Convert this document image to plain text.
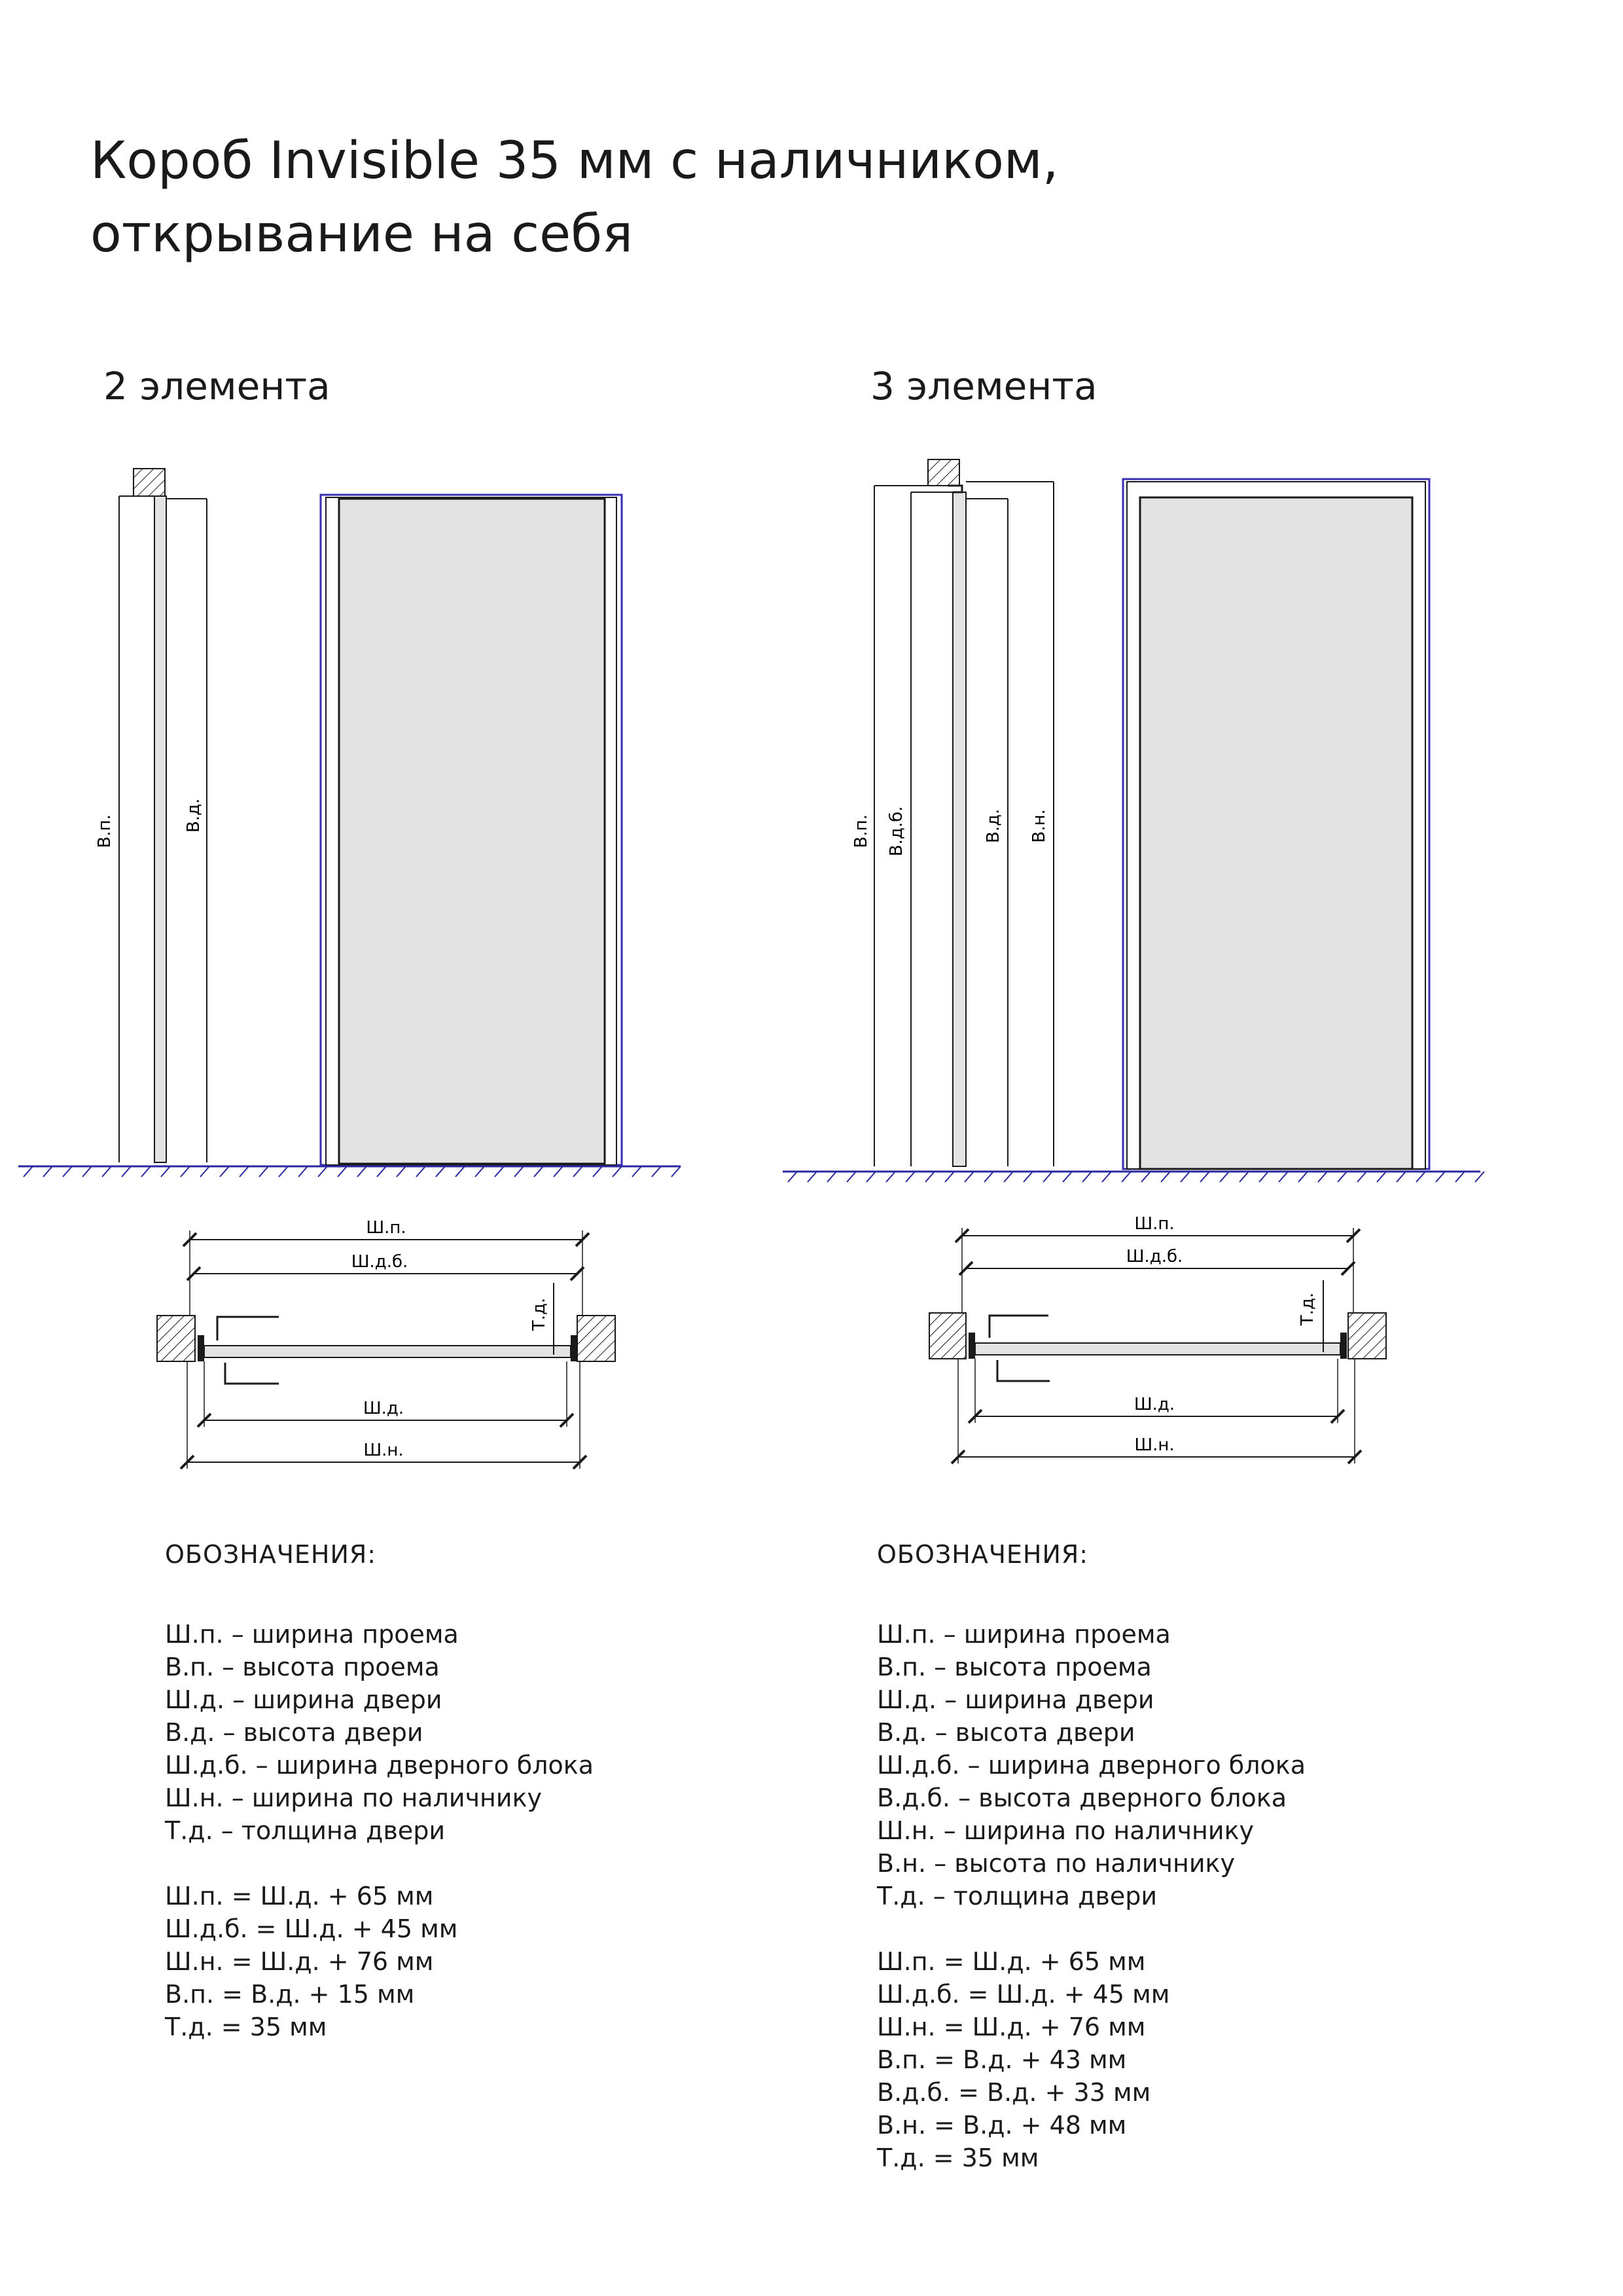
Короб Invisible 35 мм с наличником,
открывание на себя
2 элемента	3 элемента
В.п.	В.д.
Ш.п.
Ш.д.б.
Т.д.
Ш.д.
Ш.н.
В.п. В.д.б.	В.д. В.н.
Ш.п.
Ш.д.б.
Т.д.
Ш.д.
Ш.н.
ОБОЗНАЧЕНИЯ:
Ш.п. – ширина проема
В.п. – высота проема
Ш.д. – ширина двери
В.д. – высота двери
Ш.д.б. – ширина дверного блока
Ш.н. – ширина по наличнику
Т.д. – толщина двери
Ш.п. = Ш.д. + 65 мм
Ш.д.б. = Ш.д. + 45 мм
Ш.н. = Ш.д. + 76 мм
В.п. = В.д. + 15 мм
Т.д. = 35 мм
ОБОЗНАЧЕНИЯ:
Ш.п. – ширина проема
В.п. – высота проема
Ш.д. – ширина двери
В.д. – высота двери
Ш.д.б. – ширина дверного блока
В.д.б. – высота дверного блока
Ш.н. – ширина по наличнику
В.н. – высота по наличнику
Т.д. – толщина двери
Ш.п. = Ш.д. + 65 мм
Ш.д.б. = Ш.д. + 45 мм
Ш.н. = Ш.д. + 76 мм
В.п. = В.д. + 43 мм
В.д.б. = В.д. + 33 мм
В.н. = В.д. + 48 мм
Т.д. = 35 мм
